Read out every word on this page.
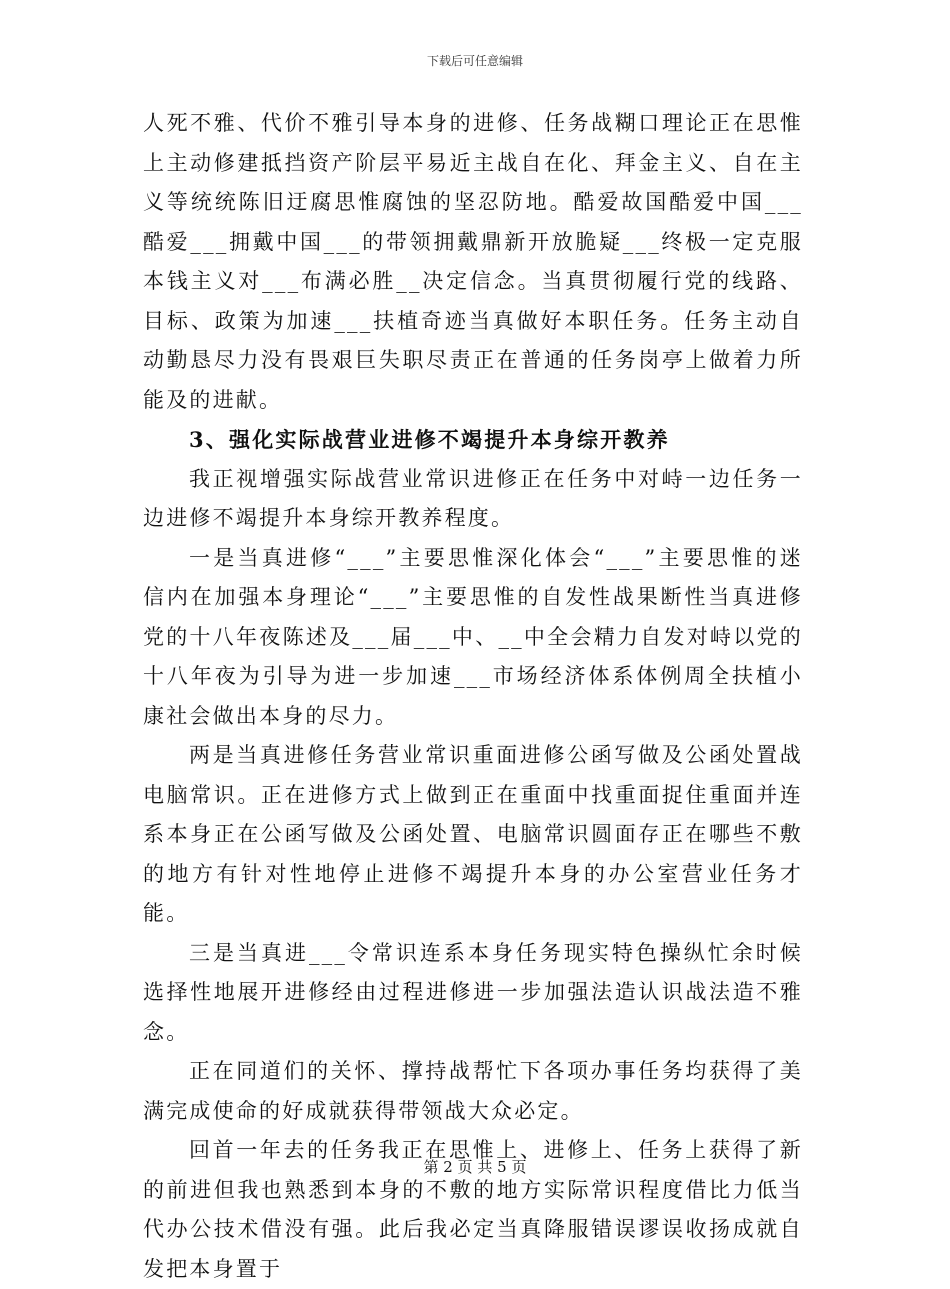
下载后可任意编辑

人死不雅、代价不雅引导本身的进修、任务战糊口理论正在思惟上主动修建抵挡资产阶层平易近主战自在化、拜金主义、自在主义等统统陈旧迂腐思惟腐蚀的坚忍防地。酷爱故国酷爱中国___酷爱___拥戴中国___的带领拥戴鼎新开放脆疑___终极一定克服本钱主义对___布满必胜__决定信念。当真贯彻履行党的线路、目标、政策为加速___扶植奇迹当真做好本职任务。任务主动自动勤恳尽力没有畏艰巨失职尽责正在普通的任务岗亭上做着力所能及的进献。

3、强化实际战营业进修不竭提升本身综开教养

我正视增强实际战营业常识进修正在任务中对峙一边任务一边进修不竭提升本身综开教养程度。

一是当真进修“___”主要思惟深化体会“___”主要思惟的迷信内在加强本身理论“___”主要思惟的自发性战果断性当真进修党的十八年夜陈述及___届___中、__中全会精力自发对峙以党的十八年夜为引导为进一步加速___市场经济体系体例周全扶植小康社会做出本身的尽力。

两是当真进修任务营业常识重面进修公函写做及公函处置战电脑常识。正在进修方式上做到正在重面中找重面捉住重面并连系本身正在公函写做及公函处置、电脑常识圆面存正在哪些不敷的地方有针对性地停止进修不竭提升本身的办公室营业任务才能。

三是当真进___令常识连系本身任务现实特色操纵忙余时候选择性地展开进修经由过程进修进一步加强法造认识战法造不雅念。

正在同道们的关怀、撑持战帮忙下各项办事任务均获得了美满完成使命的好成就获得带领战大众必定。

回首一年去的任务我正在思惟上、进修上、任务上获得了新的前进但我也熟悉到本身的不敷的地方实际常识程度借比力低当代办公技术借没有强。此后我必定当真降服错误谬误收扬成就自发把本身置于

第 2 页 共 5 页
